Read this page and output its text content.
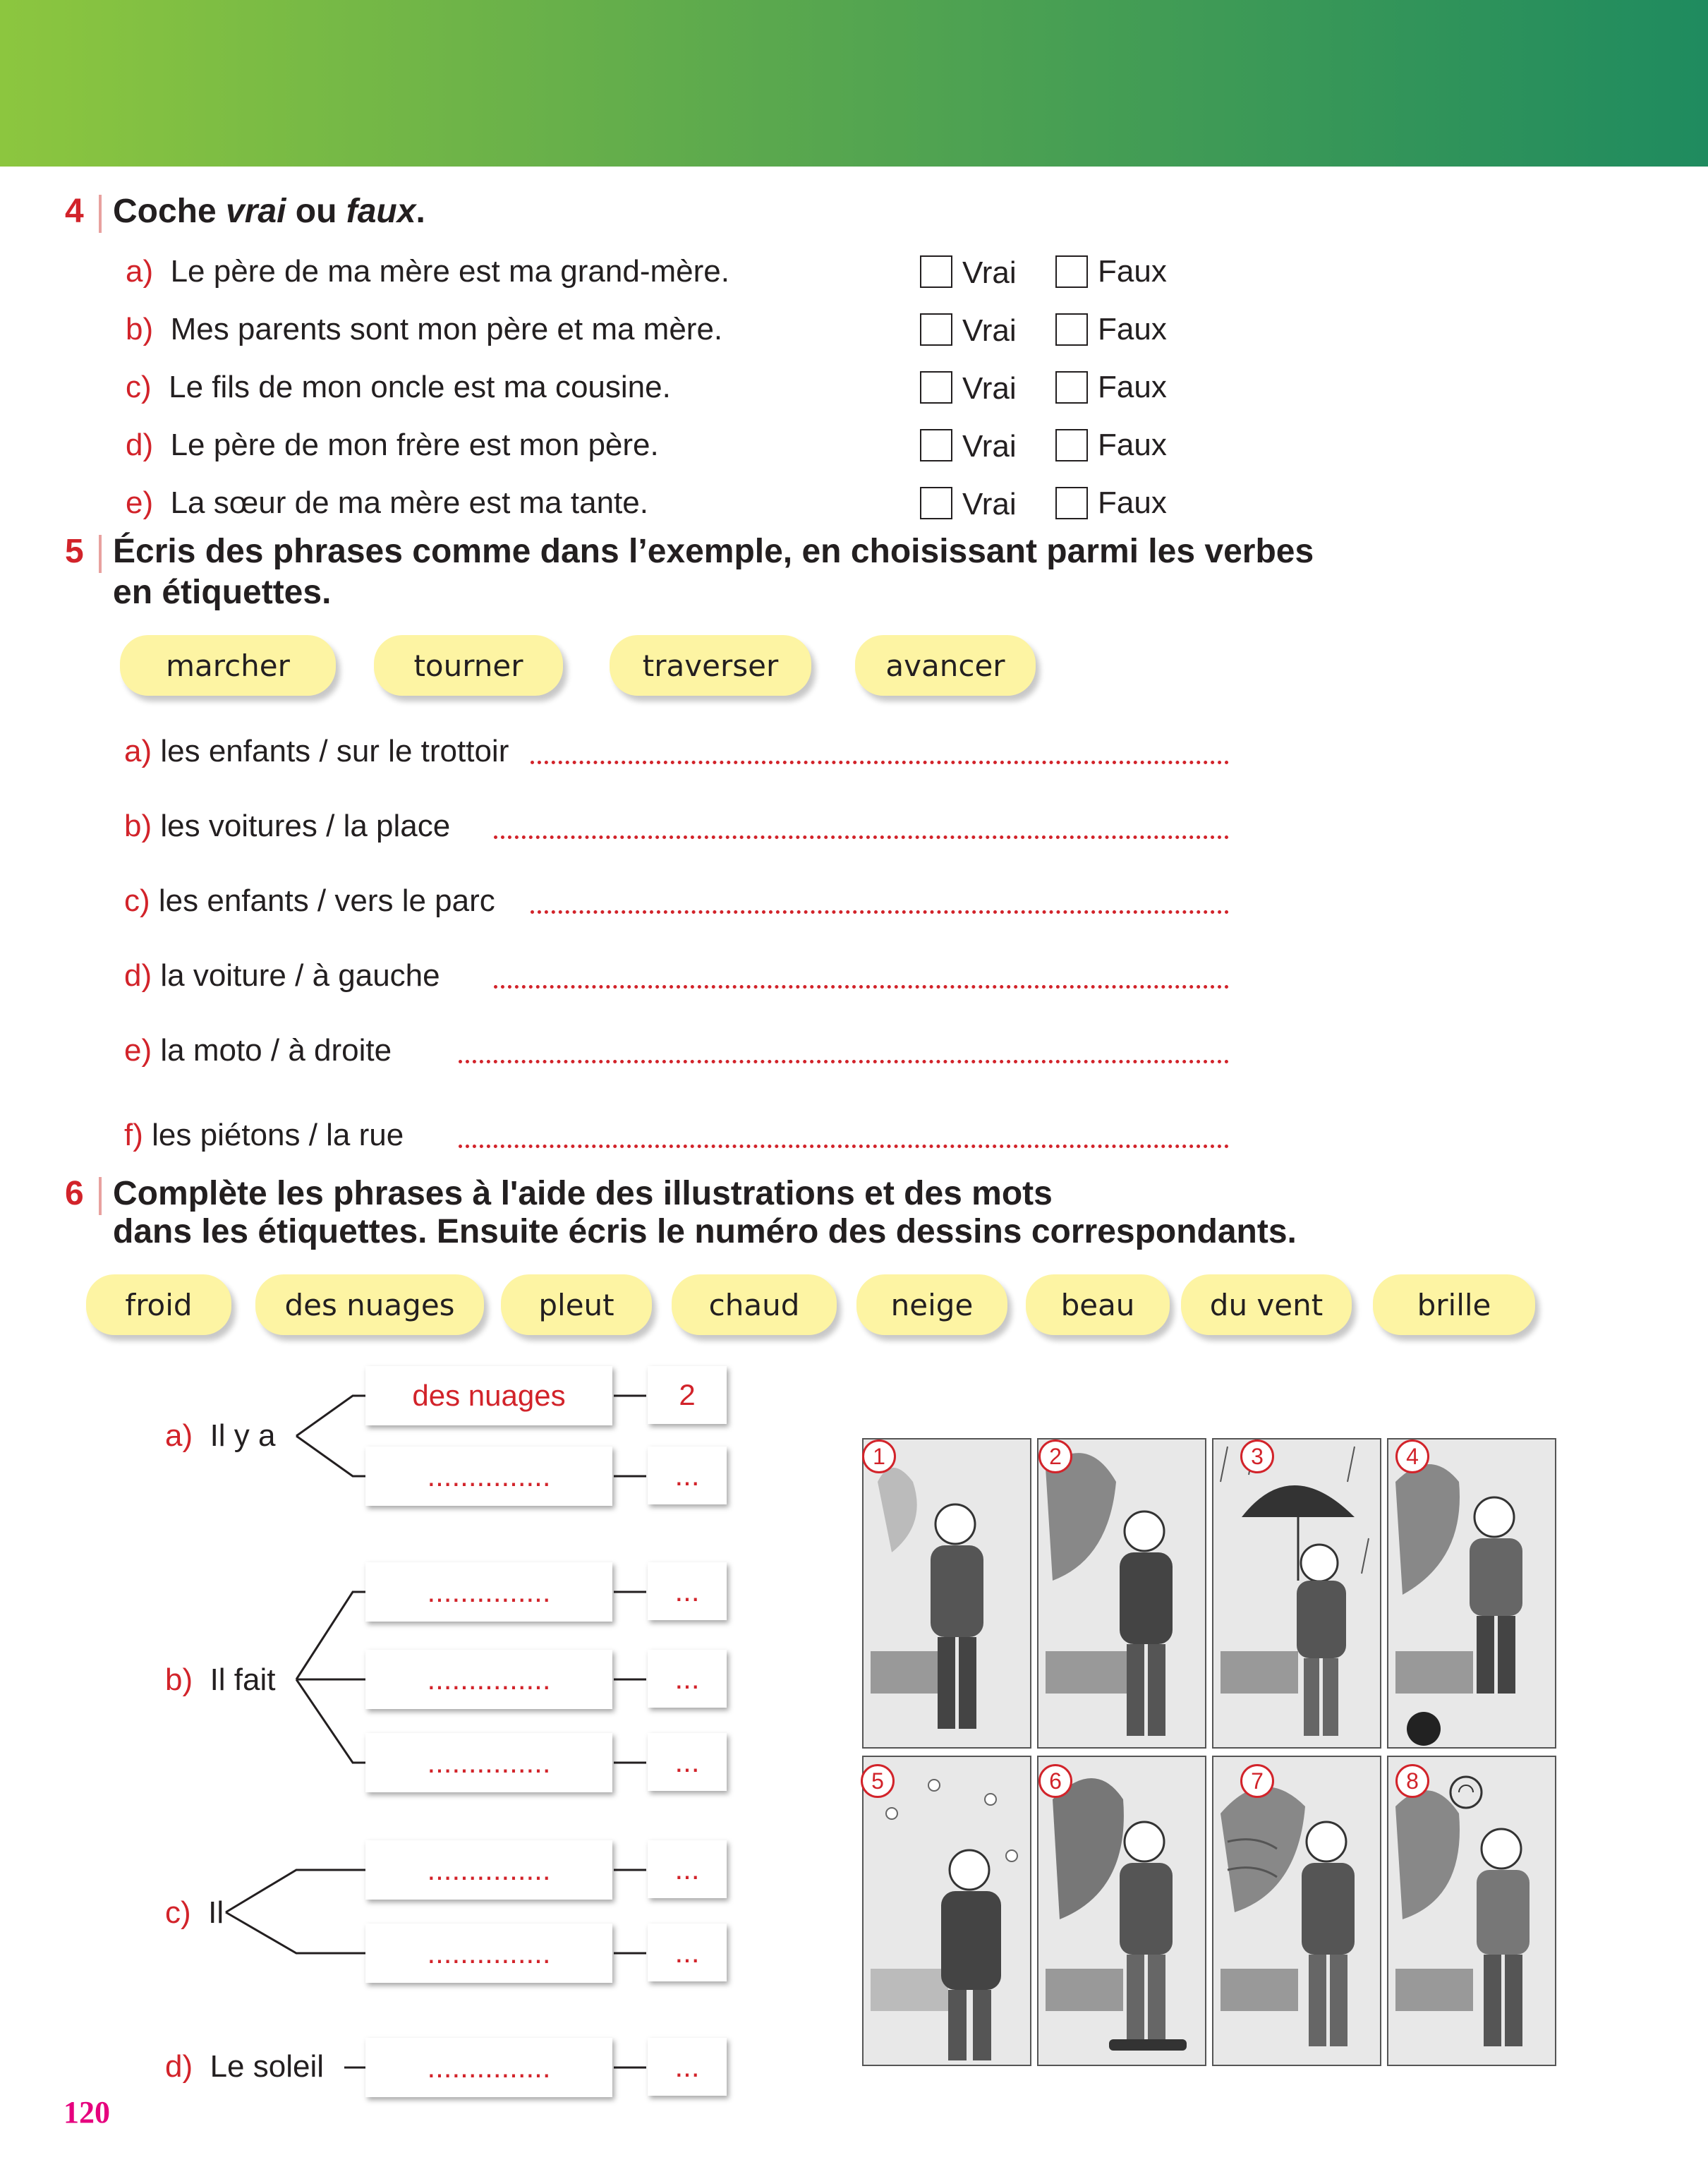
4 Coche vrai ou faux.
a) Le père de ma mère est ma grand-mère.	Vrai	Faux
b) Mes parents sont mon père et ma mère.	Vrai	Faux
c) Le fils de mon oncle est ma cousine.	Vrai	Faux
d) Le père de mon frère est mon père.	Vrai	Faux
e) La sœur de ma mère est ma tante.	Vrai	Faux
5 Écris des phrases comme dans l’exemple, en choisissant parmi les verbes
en étiquettes.
marcher	tourner	traverser	avancer
a) les enfants / sur le trottoir
b) les voitures / la place
c) les enfants / vers le parc
d) la voiture / à gauche
e) la moto / à droite
f) les piétons / la rue
6 Complète les phrases à l'aide des illustrations et des mots
dans les étiquettes. Ensuite écris le numéro des dessins correspondants.
froid	des nuages	pleut	chaud	neige	beau	du vent	brille
a) Il y a
b) Il fait
c) Il
d) Le soleil
des nuages	2
...............	...
...............	...
...............	...
...............	...
...............	...
...............	...
...............	...
1	2	3	4
5	6	7	8
120
